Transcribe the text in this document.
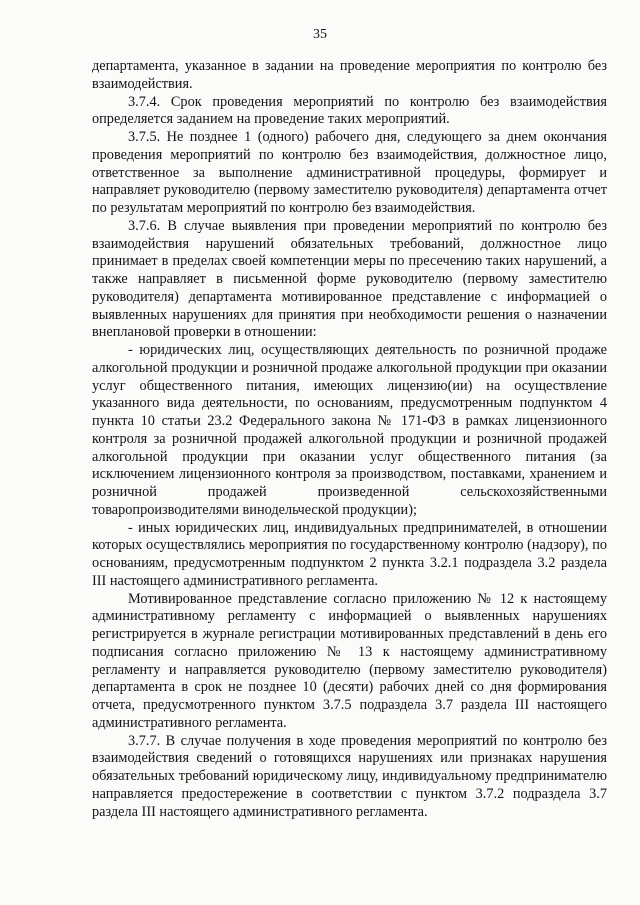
35

департамента, указанное в задании на проведение мероприятия по контролю без взаимодействия.

3.7.4. Срок проведения мероприятий по контролю без взаимодействия определяется заданием на проведение таких мероприятий.

3.7.5. Не позднее 1 (одного) рабочего дня, следующего за днем окончания проведения мероприятий по контролю без взаимодействия, должностное лицо, ответственное за выполнение административной процедуры, формирует и направляет руководителю (первому заместителю руководителя) департамента отчет по результатам мероприятий по контролю без взаимодействия.

3.7.6. В случае выявления при проведении мероприятий по контролю без взаимодействия нарушений обязательных требований, должностное лицо принимает в пределах своей компетенции меры по пресечению таких нарушений, а также направляет в письменной форме руководителю (первому заместителю руководителя) департамента мотивированное представление с информацией о выявленных нарушениях для принятия при необходимости решения о назначении внеплановой проверки в отношении:

- юридических лиц, осуществляющих деятельность по розничной продаже алкогольной продукции и розничной продаже алкогольной продукции при оказании услуг общественного питания, имеющих лицензию(ии) на осуществление указанного вида деятельности, по основаниям, предусмотренным подпунктом 4 пункта 10 статьи 23.2 Федерального закона № 171-ФЗ в рамках лицензионного контроля за розничной продажей алкогольной продукции и розничной продажей алкогольной продукции при оказании услуг общественного питания (за исключением лицензионного контроля за производством, поставками, хранением и розничной продажей произведенной сельскохозяйственными товаропроизводителями винодельческой продукции);

- иных юридических лиц, индивидуальных предпринимателей, в отношении которых осуществлялись мероприятия по государственному контролю (надзору), по основаниям, предусмотренным подпунктом 2 пункта 3.2.1 подраздела 3.2 раздела III настоящего административного регламента.

Мотивированное представление согласно приложению № 12 к настоящему административному регламенту с информацией о выявленных нарушениях регистрируется в журнале регистрации мотивированных представлений в день его подписания согласно приложению № 13 к настоящему административному регламенту и направляется руководителю (первому заместителю руководителя) департамента в срок не позднее 10 (десяти) рабочих дней со дня формирования отчета, предусмотренного пунктом 3.7.5 подраздела 3.7 раздела III настоящего административного регламента.

3.7.7. В случае получения в ходе проведения мероприятий по контролю без взаимодействия сведений о готовящихся нарушениях или признаках нарушения обязательных требований юридическому лицу, индивидуальному предпринимателю направляется предостережение в соответствии с пунктом 3.7.2 подраздела 3.7 раздела III настоящего административного регламента.
